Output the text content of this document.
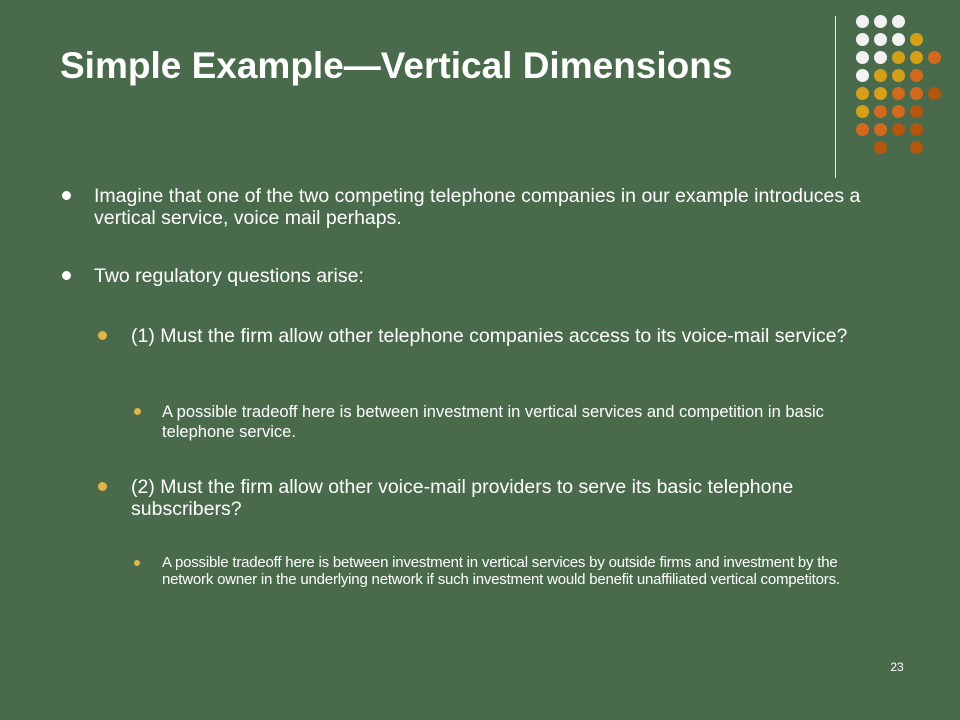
Simple Example—Vertical Dimensions
Imagine that one of the two competing telephone companies in our example introduces a vertical service, voice mail perhaps.
Two regulatory questions arise:
(1) Must the firm allow other telephone companies access to its voice-mail service?
A possible tradeoff here is between investment in vertical services and competition in basic telephone service.
(2) Must the firm allow other voice-mail providers to serve its basic telephone subscribers?
A possible tradeoff here is between investment in vertical services by outside firms and investment by the network owner in the underlying network if such investment would benefit unaffiliated vertical competitors.
23
